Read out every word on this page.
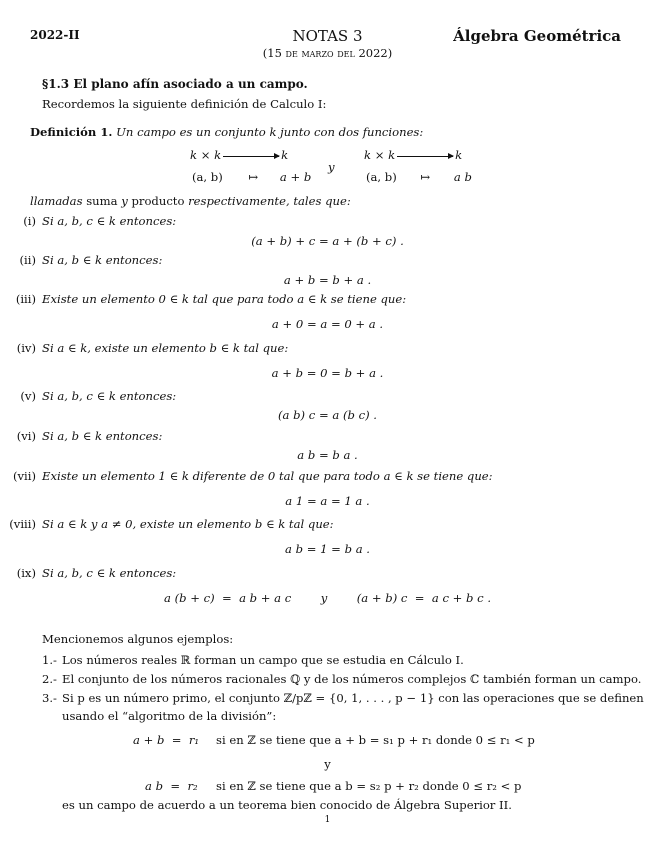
2022-II	NOTAS 3	Álgebra Geométrica
(15 de marzo del 2022)
§1.3 El plano afín asociado a un campo.
Recordemos la siguiente definición de Calculo I:
Definición 1. Un campo es un conjunto k junto con dos funciones:
k × k	k
(a, b) ↦ a + b
y
k × k	k
(a, b) ↦ a b
llamadas suma y producto respectivamente, tales que:
(i) Si a, b, c ∈ k entonces:
(a + b) + c = a + (b + c) .
(ii) Si a, b ∈ k entonces:
a + b = b + a .
(iii) Existe un elemento 0 ∈ k tal que para todo a ∈ k se tiene que:
a + 0 = a = 0 + a .
(iv) Si a ∈ k, existe un elemento b ∈ k tal que:
a + b = 0 = b + a .
(v) Si a, b, c ∈ k entonces:
(a b) c = a (b c) .
(vi) Si a, b ∈ k entonces:
a b = b a .
(vii) Existe un elemento 1 ∈ k diferente de 0 tal que para todo a ∈ k se tiene que:
a 1 = a = 1 a .
(viii) Si a ∈ k y a ≠ 0, existe un elemento b ∈ k tal que:
a b = 1 = b a .
(ix) Si a, b, c ∈ k entonces:
a (b + c)  =  a b + a c        y        (a + b) c  =  a c + b c .
Mencionemos algunos ejemplos:
1.- Los números reales ℝ forman un campo que se estudia en Cálculo I.
2.- El conjunto de los números racionales ℚ y de los números complejos ℂ también forman un campo.
3.- Si p es un número primo, el conjunto ℤ/pℤ = {0, 1, . . . , p − 1} con las operaciones que se definen
usando el “algoritmo de la división”:
a + b  =  r₁ si en ℤ se tiene que a + b = s₁ p + r₁ donde 0 ≤ r₁ < p
y
a b  =  r₂ si en ℤ se tiene que a b = s₂ p + r₂ donde 0 ≤ r₂ < p
es un campo de acuerdo a un teorema bien conocido de Álgebra Superior II.
1
